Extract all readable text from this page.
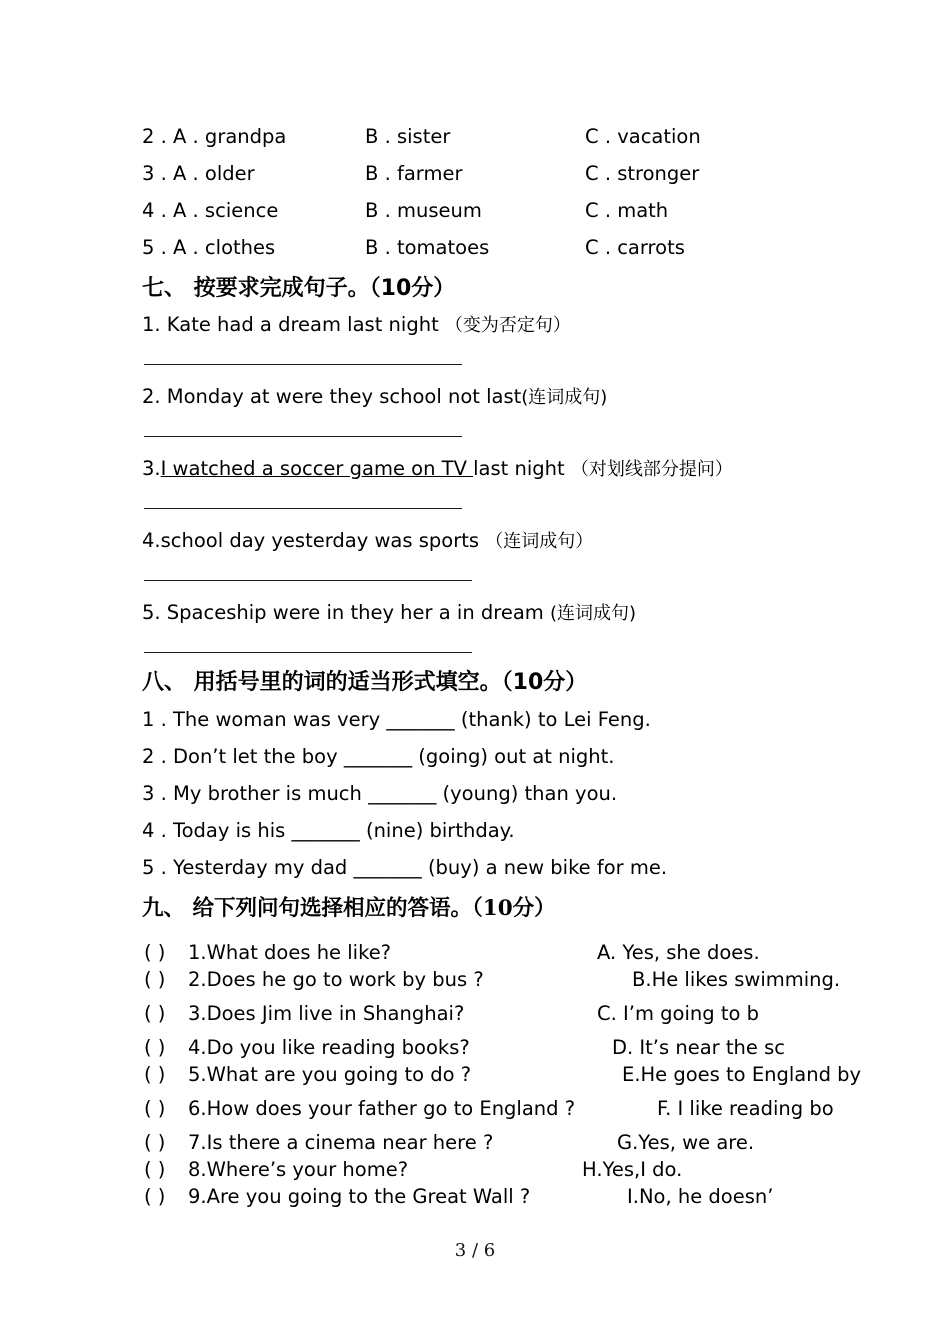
2 . A . grandpa	B . sister	C . vacation
3 . A . older	B . farmer	C . stronger
4 . A . science	B . museum	C . math
5 . A . clothes	B . tomatoes	C . carrots
七、 按要求完成句子。（10分）
1. Kate had a dream last night （变为否定句）
2. Monday at were they school not last(连词成句)
3.I watched a soccer game on TV last night （对划线部分提问）
4.school day yesterday was sports （连词成句）
5. Spaceship were in they her a in dream (连词成句)
八、 用括号里的词的适当形式填空。（10分）
1 . The woman was very _______ (thank) to Lei Feng.
2 . Don’t let the boy _______ (going) out at night.
3 . My brother is much _______ (young) than you.
4 . Today is his _______ (nine) birthday.
5 . Yesterday my dad _______ (buy) a new bike for me.
九、 给下列问句选择相应的答语。（10分）
( ) 1.What does he like?	A. Yes, she does.
( ) 2.Does he go to work by bus ?	B.He likes swimming.
( ) 3.Does Jim live in Shanghai?	C. I’m going to b
( ) 4.Do you like reading books?	D. It’s near the sc
( ) 5.What are you going to do ?	E.He goes to England by
( ) 6.How does your father go to England ?	F. I like reading bo
( ) 7.Is there a cinema near here ?	G.Yes, we are.
( ) 8.Where’s your home?	H.Yes,I do.
( ) 9.Are you going to the Great Wall ?	I.No, he doesn’
3 / 6
